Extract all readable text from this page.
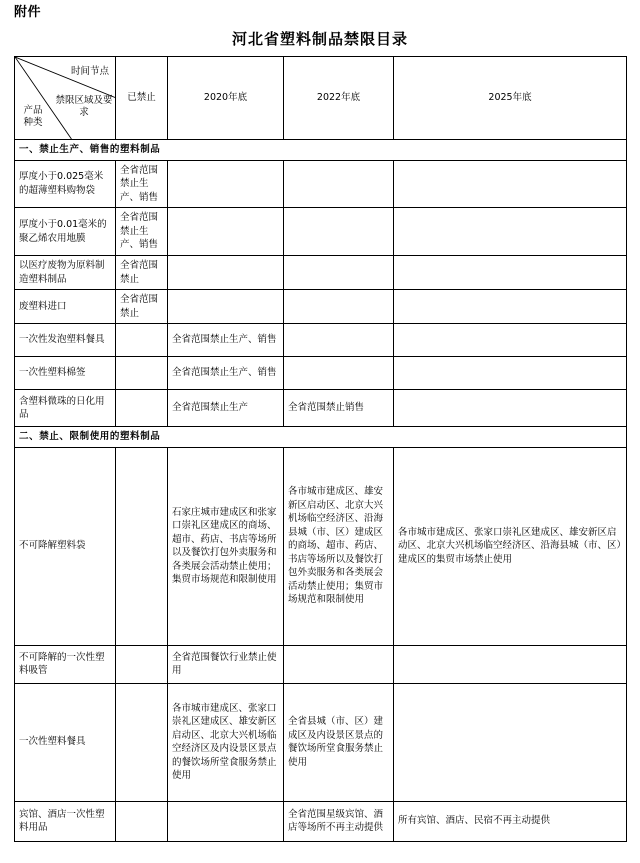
附件
河北省塑料制品禁限目录
时间节点
禁限区域及要求
产品种类	已禁止	2020年底	2022年底	2025年底
一、禁止生产、销售的塑料制品				
厚度小于0.025毫米的超薄塑料购物袋	全省范围禁止生产、销售			
厚度小于0.01毫米的聚乙烯农用地膜	全省范围禁止生产、销售			
以医疗废物为原料制造塑料制品	全省范围禁止			
废塑料进口	全省范围禁止			
一次性发泡塑料餐具		全省范围禁止生产、销售		
一次性塑料棉签		全省范围禁止生产、销售		
含塑料微珠的日化用品		全省范围禁止生产	全省范围禁止销售	
二、禁止、限制使用的塑料制品				
不可降解塑料袋		石家庄城市建成区和张家口崇礼区建成区的商场、超市、药店、书店等场所以及餐饮打包外卖服务和各类展会活动禁止使用；集贸市场规范和限制使用	各市城市建成区、雄安新区启动区、北京大兴机场临空经济区、沿海县城（市、区）建成区的商场、超市、药店、书店等场所以及餐饮打包外卖服务和各类展会活动禁止使用；集贸市场规范和限制使用	各市城市建成区、张家口崇礼区建成区、雄安新区启动区、北京大兴机场临空经济区、沿海县城（市、区）建成区的集贸市场禁止使用
不可降解的一次性塑料吸管		全省范围餐饮行业禁止使用		
一次性塑料餐具		各市城市建成区、张家口崇礼区建成区、雄安新区启动区、北京大兴机场临空经济区及内设景区景点的餐饮场所堂食服务禁止使用	全省县城（市、区）建成区及内设景区景点的餐饮场所堂食服务禁止使用	
宾馆、酒店一次性塑料用品			全省范围星级宾馆、酒店等场所不再主动提供	所有宾馆、酒店、民宿不再主动提供
